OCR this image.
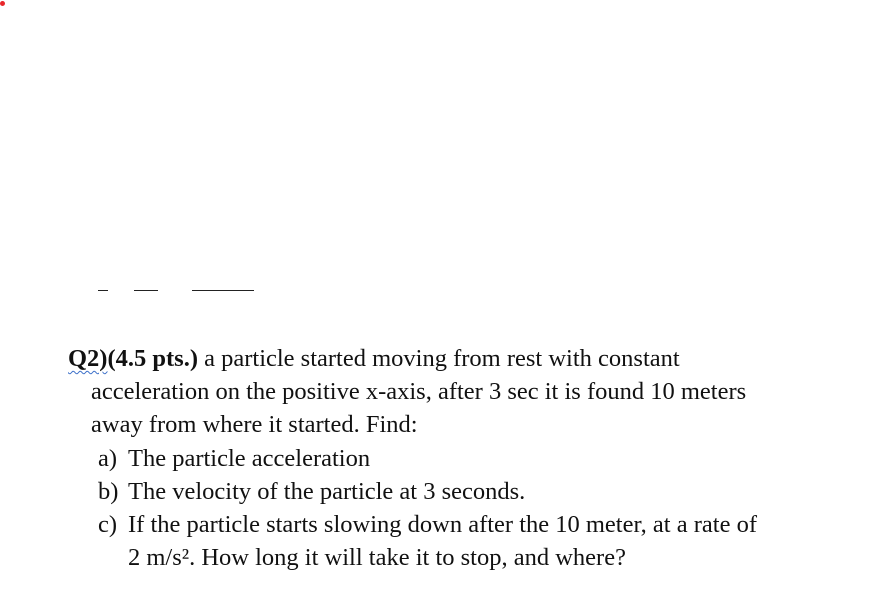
Q2)(4.5 pts.) a particle started moving from rest with constant
acceleration on the positive x-axis, after 3 sec it is found 10 meters
away from where it started. Find:
a) The particle acceleration
b) The velocity of the particle at 3 seconds.
c) If the particle starts slowing down after the 10 meter, at a rate of
2 m/s². How long it will take it to stop, and where?
